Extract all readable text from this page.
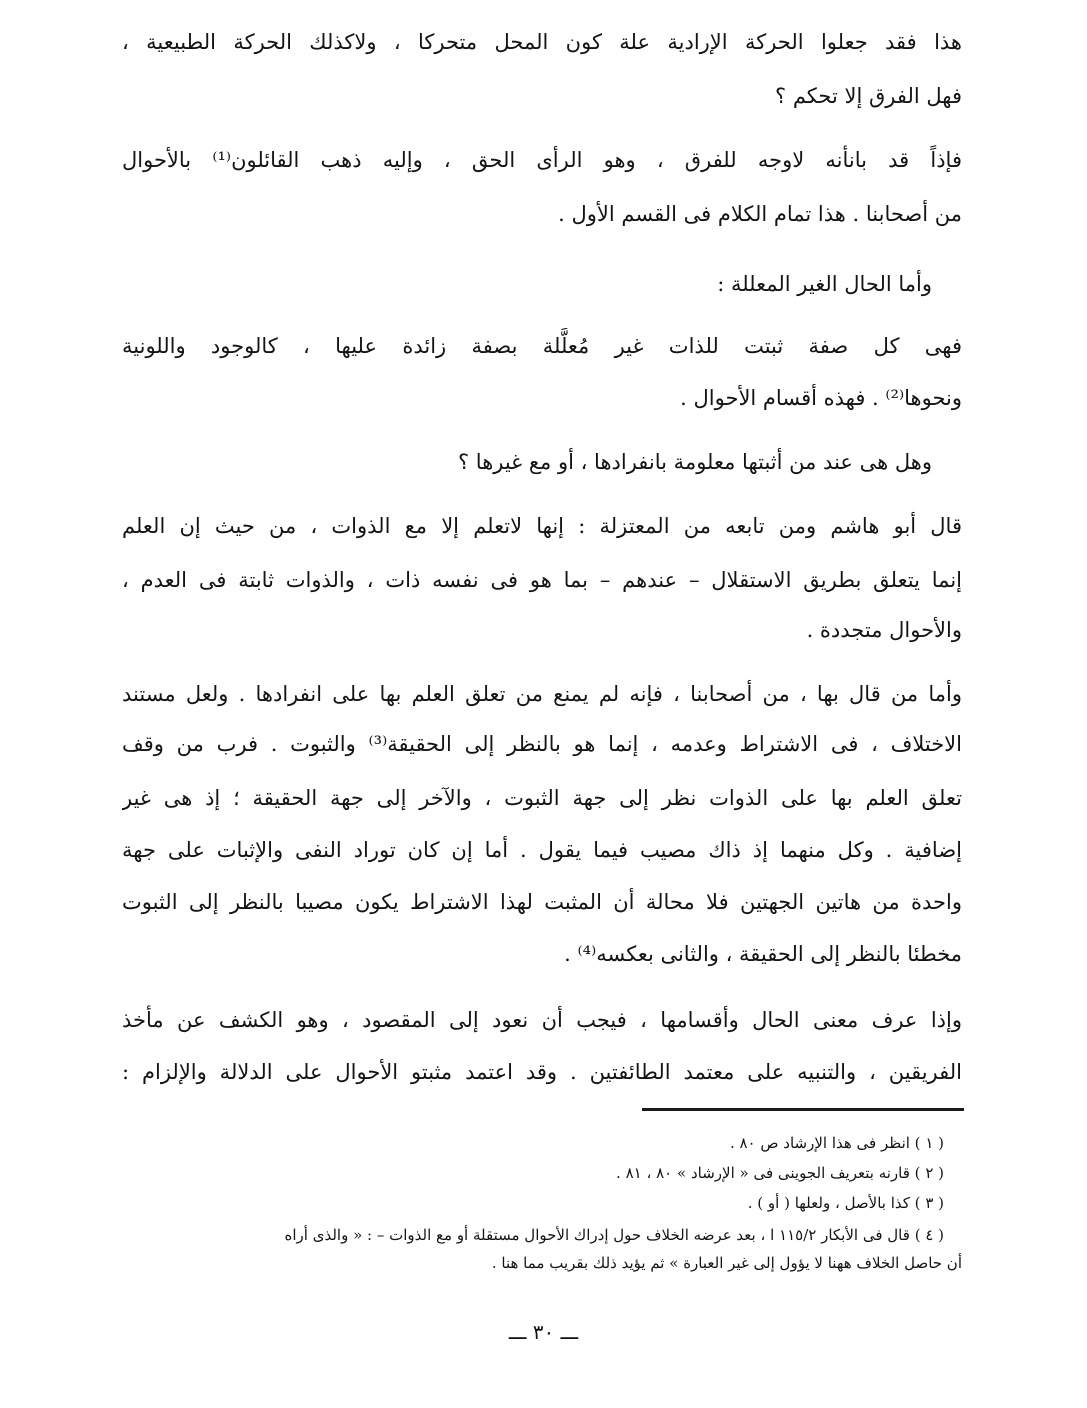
هذا فقد جعلوا الحركة الإرادية علة كون المحل متحركا ، ولاكذلك الحركة الطبيعية ،
فهل الفرق إلا تحكم ؟
فإذاً قد بانأنه لاوجه للفرق ، وهو الرأى الحق ، وإليه ذهب القائلون⁽¹⁾ بالأحوال
من أصحابنا . هذا تمام الكلام فى القسم الأول .
وأما الحال الغير المعللة :
فهى كل صفة ثبتت للذات غير مُعلَّلة بصفة زائدة عليها ، كالوجود واللونية
ونحوها⁽²⁾ . فهذه أقسام الأحوال .
وهل هى عند من أثبتها معلومة بانفرادها ، أو مع غيرها ؟
قال أبو هاشم ومن تابعه من المعتزلة : إنها لاتعلم إلا مع الذوات ، من حيث إن العلم
إنما يتعلق بطريق الاستقلال – عندهم – بما هو فى نفسه ذات ، والذوات ثابتة فى العدم ،
والأحوال متجددة .
وأما من قال بها ، من أصحابنا ، فإنه لم يمنع من تعلق العلم بها على انفرادها . ولعل مستند
الاختلاف ، فى الاشتراط وعدمه ، إنما هو بالنظر إلى الحقيقة⁽³⁾ والثبوت . فرب من وقف
تعلق العلم بها على الذوات نظر إلى جهة الثبوت ، والآخر إلى جهة الحقيقة ؛ إذ هى غير
إضافية . وكل منهما إذ ذاك مصيب فيما يقول . أما إن كان توراد النفى والإثبات على جهة
واحدة من هاتين الجهتين فلا محالة أن المثبت لهذا الاشتراط يكون مصيبا بالنظر إلى الثبوت
مخطئا بالنظر إلى الحقيقة ، والثانى بعكسه⁽⁴⁾ .
وإذا عرف معنى الحال وأقسامها ، فيجب أن نعود إلى المقصود ، وهو الكشف عن مأخذ
الفريقين ، والتنبيه على معتمد الطائفتين . وقد اعتمد مثبتو الأحوال على الدلالة والإلزام :
( ١ ) انظر فى هذا الإرشاد ص ٨٠ .
( ٢ ) قارنه بتعريف الجوينى فى « الإرشاد » ٨٠ ، ٨١ .
( ٣ ) كذا بالأصل ، ولعلها ( أو ) .
( ٤ ) قال فى الأبكار ١١٥/٢ ا ، بعد عرضه الخلاف حول إدراك الأحوال مستقلة أو مع الذوات – : « والذى أراه
أن حاصل الخلاف ههنا لا يؤول إلى غير العبارة » ثم يؤيد ذلك بقريب مما هنا .
ـــ ٣٠ ـــ
